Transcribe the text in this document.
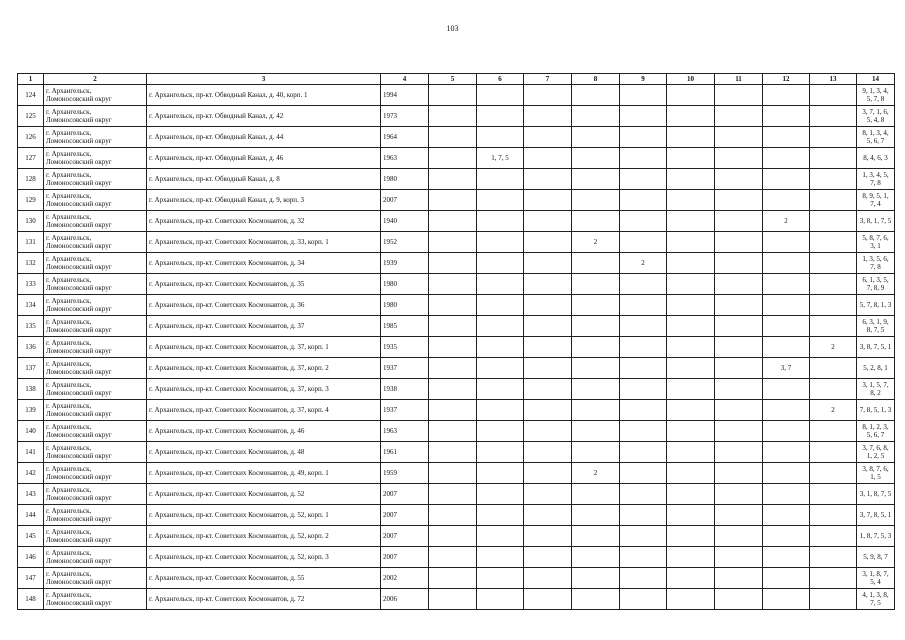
103
1	2	3	4	5	6	7	8	9	10	11	12	13	14
124	г. Архангельск,
Ломоносовский округ	г. Архангельск, пр-кт. Обводный Канал, д. 40, корп. 1	1994										9, 1, 3, 4, 5, 7, 8
125	г. Архангельск,
Ломоносовский округ	г. Архангельск, пр-кт. Обводный Канал, д. 42	1973										3, 7, 1, 6, 5, 4, 8
126	г. Архангельск,
Ломоносовский округ	г. Архангельск, пр-кт. Обводный Канал, д. 44	1964										8, 1, 3, 4, 5, 6, 7
127	г. Архангельск,
Ломоносовский округ	г. Архангельск, пр-кт. Обводный Канал, д. 46	1963		1, 7, 5								8, 4, 6, 3
128	г. Архангельск,
Ломоносовский округ	г. Архангельск, пр-кт. Обводный Канал, д. 8	1980										1, 3, 4, 5, 7, 8
129	г. Архангельск,
Ломоносовский округ	г. Архангельск, пр-кт. Обводный Канал, д. 9, корп. 3	2007										8, 9, 5, 1, 7, 4
130	г. Архангельск,
Ломоносовский округ	г. Архангельск, пр-кт. Советских Космонавтов, д. 32	1940								2		3, 8, 1, 7, 5
131	г. Архангельск,
Ломоносовский округ	г. Архангельск, пр-кт. Советских Космонавтов, д. 33, корп. 1	1952				2						5, 8, 7, 6, 3, 1
132	г. Архангельск,
Ломоносовский округ	г. Архангельск, пр-кт. Советских Космонавтов, д. 34	1939					2					1, 3, 5, 6, 7, 8
133	г. Архангельск,
Ломоносовский округ	г. Архангельск, пр-кт. Советских Космонавтов, д. 35	1980										6, 1, 3, 5, 7, 8, 9
134	г. Архангельск,
Ломоносовский округ	г. Архангельск, пр-кт. Советских Космонавтов, д. 36	1980										5, 7, 8, 1, 3
135	г. Архангельск,
Ломоносовский округ	г. Архангельск, пр-кт. Советских Космонавтов, д. 37	1985										6, 3, 1, 9, 8, 7, 5
136	г. Архангельск,
Ломоносовский округ	г. Архангельск, пр-кт. Советских Космонавтов, д. 37, корп. 1	1935									2	3, 8, 7, 5, 1
137	г. Архангельск,
Ломоносовский округ	г. Архангельск, пр-кт. Советских Космонавтов, д. 37, корп. 2	1937								3, 7		5, 2, 8, 1
138	г. Архангельск,
Ломоносовский округ	г. Архангельск, пр-кт. Советских Космонавтов, д. 37, корп. 3	1938										3, 1, 5, 7, 8, 2
139	г. Архангельск,
Ломоносовский округ	г. Архангельск, пр-кт. Советских Космонавтов, д. 37, корп. 4	1937									2	7, 8, 5, 1, 3
140	г. Архангельск,
Ломоносовский округ	г. Архангельск, пр-кт. Советских Космонавтов, д. 46	1963										8, 1, 2, 3, 5, 6, 7
141	г. Архангельск,
Ломоносовский округ	г. Архангельск, пр-кт. Советских Космонавтов, д. 48	1961										3, 7, 6, 8, 1, 2, 5
142	г. Архангельск,
Ломоносовский округ	г. Архангельск, пр-кт. Советских Космонавтов, д. 49, корп. 1	1959				2						3, 8, 7, 6, 1, 5
143	г. Архангельск,
Ломоносовский округ	г. Архангельск, пр-кт. Советских Космонавтов, д. 52	2007										3, 1, 8, 7, 5
144	г. Архангельск,
Ломоносовский округ	г. Архангельск, пр-кт. Советских Космонавтов, д. 52, корп. 1	2007										3, 7, 8, 5, 1
145	г. Архангельск,
Ломоносовский округ	г. Архангельск, пр-кт. Советских Космонавтов, д. 52, корп. 2	2007										1, 8, 7, 5, 3
146	г. Архангельск,
Ломоносовский округ	г. Архангельск, пр-кт. Советских Космонавтов, д. 52, корп. 3	2007										5, 9, 8, 7
147	г. Архангельск,
Ломоносовский округ	г. Архангельск, пр-кт. Советских Космонавтов, д. 55	2002										3, 1, 8, 7, 5, 4
148	г. Архангельск,
Ломоносовский округ	г. Архангельск, пр-кт. Советских Космонавтов, д. 72	2006										4, 1, 3, 8, 7, 5
